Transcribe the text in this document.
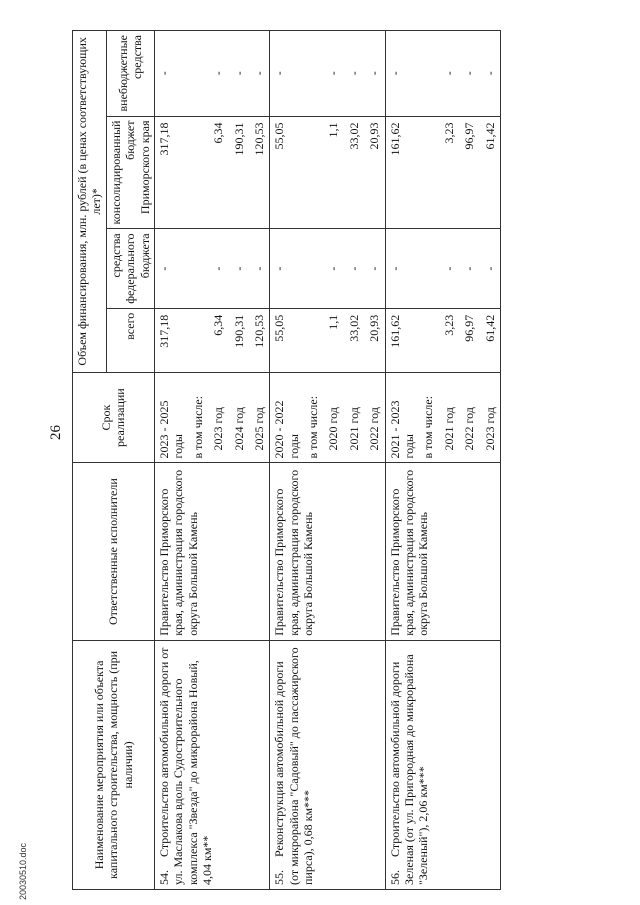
26
20030510.doc
Наименование мероприятия или объекта капитального строительства, мощность (при наличии)	Ответственные исполнители	Срок реализации	Объем финансирования, млн. рублей (в ценах соответствующих лет)*			
			всего	средства федерального бюджета	консолидированный бюджет Приморского края	внебюджетные средства
54.Строительство автомобильной дороги от ул. Маслакова вдоль Судостроительного комплекса "Звезда" до микрорайона Новый, 4,04 км**	Правительство Приморского края, администрация городского округа Большой Камень	2023 - 2025 годы	317,18	-	317,18	-
		в том числе:				
		2023 год	6,34	-	6,34	-
		2024 год	190,31	-	190,31	-
		2025 год	120,53	-	120,53	-
55.Реконструкция автомобильной дороги (от микрорайона "Садовый" до пассажирского пирса), 0,68 км***	Правительство Приморского края, администрация городского округа Большой Камень	2020 - 2022 годы	55,05	-	55,05	-
		в том числе:				
		2020 год	1,1	-	1,1	-
		2021 год	33,02	-	33,02	-
		2022 год	20,93	-	20,93	-
56.Строительство автомобильной дороги Зеленая (от ул. Пригородная до микрорайона "Зеленый"), 2,06 км***	Правительство Приморского края, администрация городского округа Большой Камень	2021 - 2023 годы	161,62	-	161,62	-
		в том числе:				
		2021 год	3,23	-	3,23	-
		2022 год	96,97	-	96,97	-
		2023 год	61,42	-	61,42	-
